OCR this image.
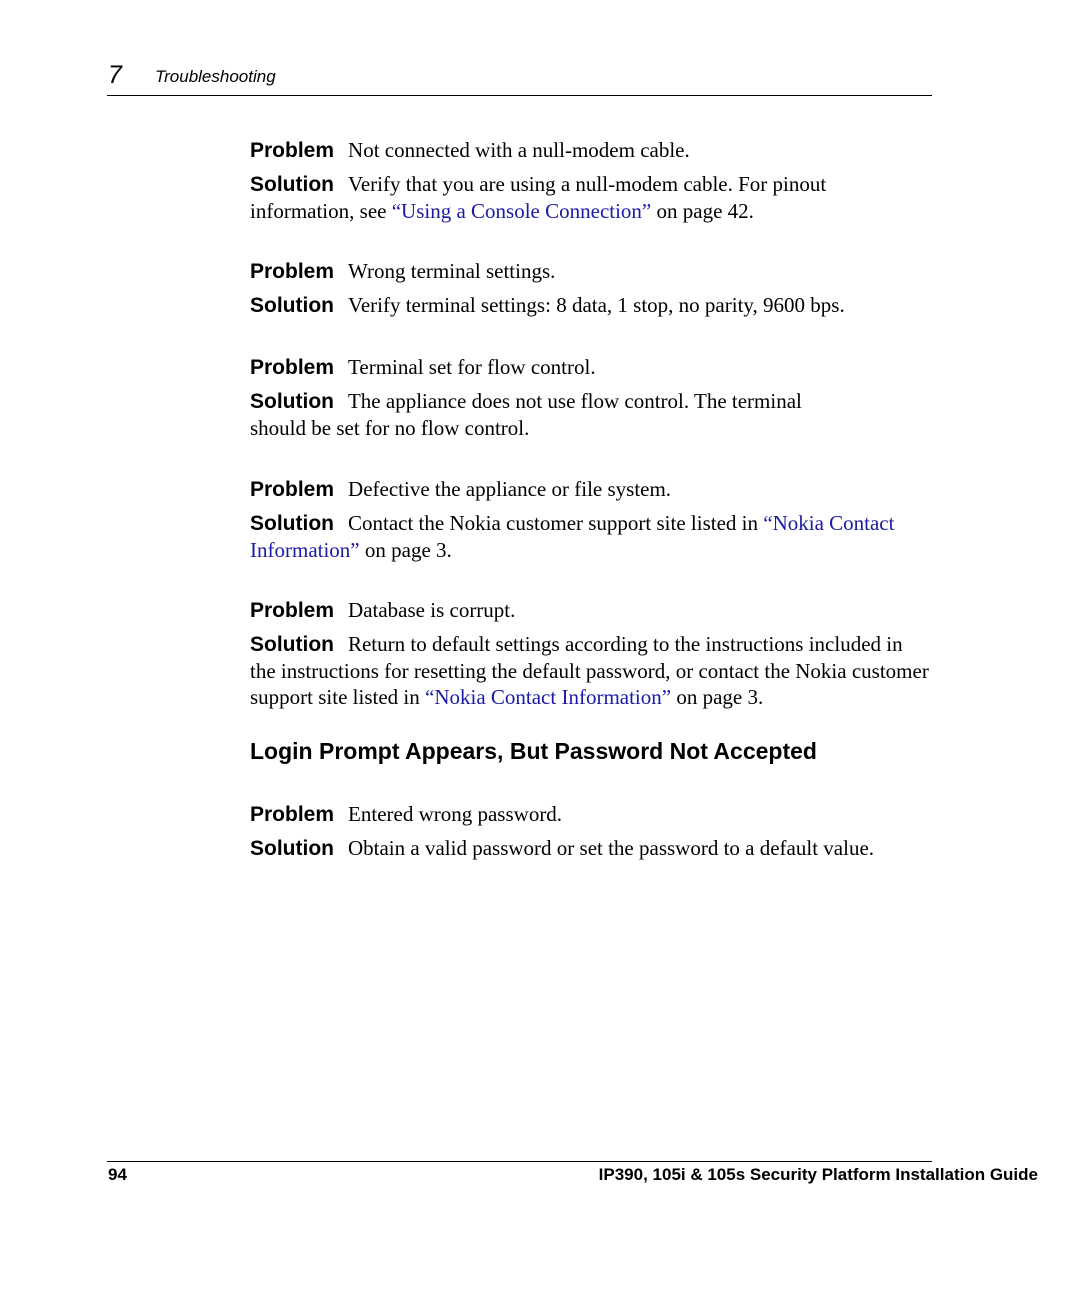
7 Troubleshooting
Problem Not connected with a null-modem cable.
Solution Verify that you are using a null-modem cable. For pinout information, see “Using a Console Connection” on page 42.
Problem Wrong terminal settings.
Solution Verify terminal settings: 8 data, 1 stop, no parity, 9600 bps.
Problem Terminal set for flow control.
Solution The appliance does not use flow control. The terminal should be set for no flow control.
Problem Defective the appliance or file system.
Solution Contact the Nokia customer support site listed in “Nokia Contact Information” on page 3.
Problem Database is corrupt.
Solution Return to default settings according to the instructions included in the instructions for resetting the default password, or contact the Nokia customer support site listed in “Nokia Contact Information” on page 3.
Login Prompt Appears, But Password Not Accepted
Problem Entered wrong password.
Solution Obtain a valid password or set the password to a default value.
94	IP390, 105i & 105s Security Platform Installation Guide
